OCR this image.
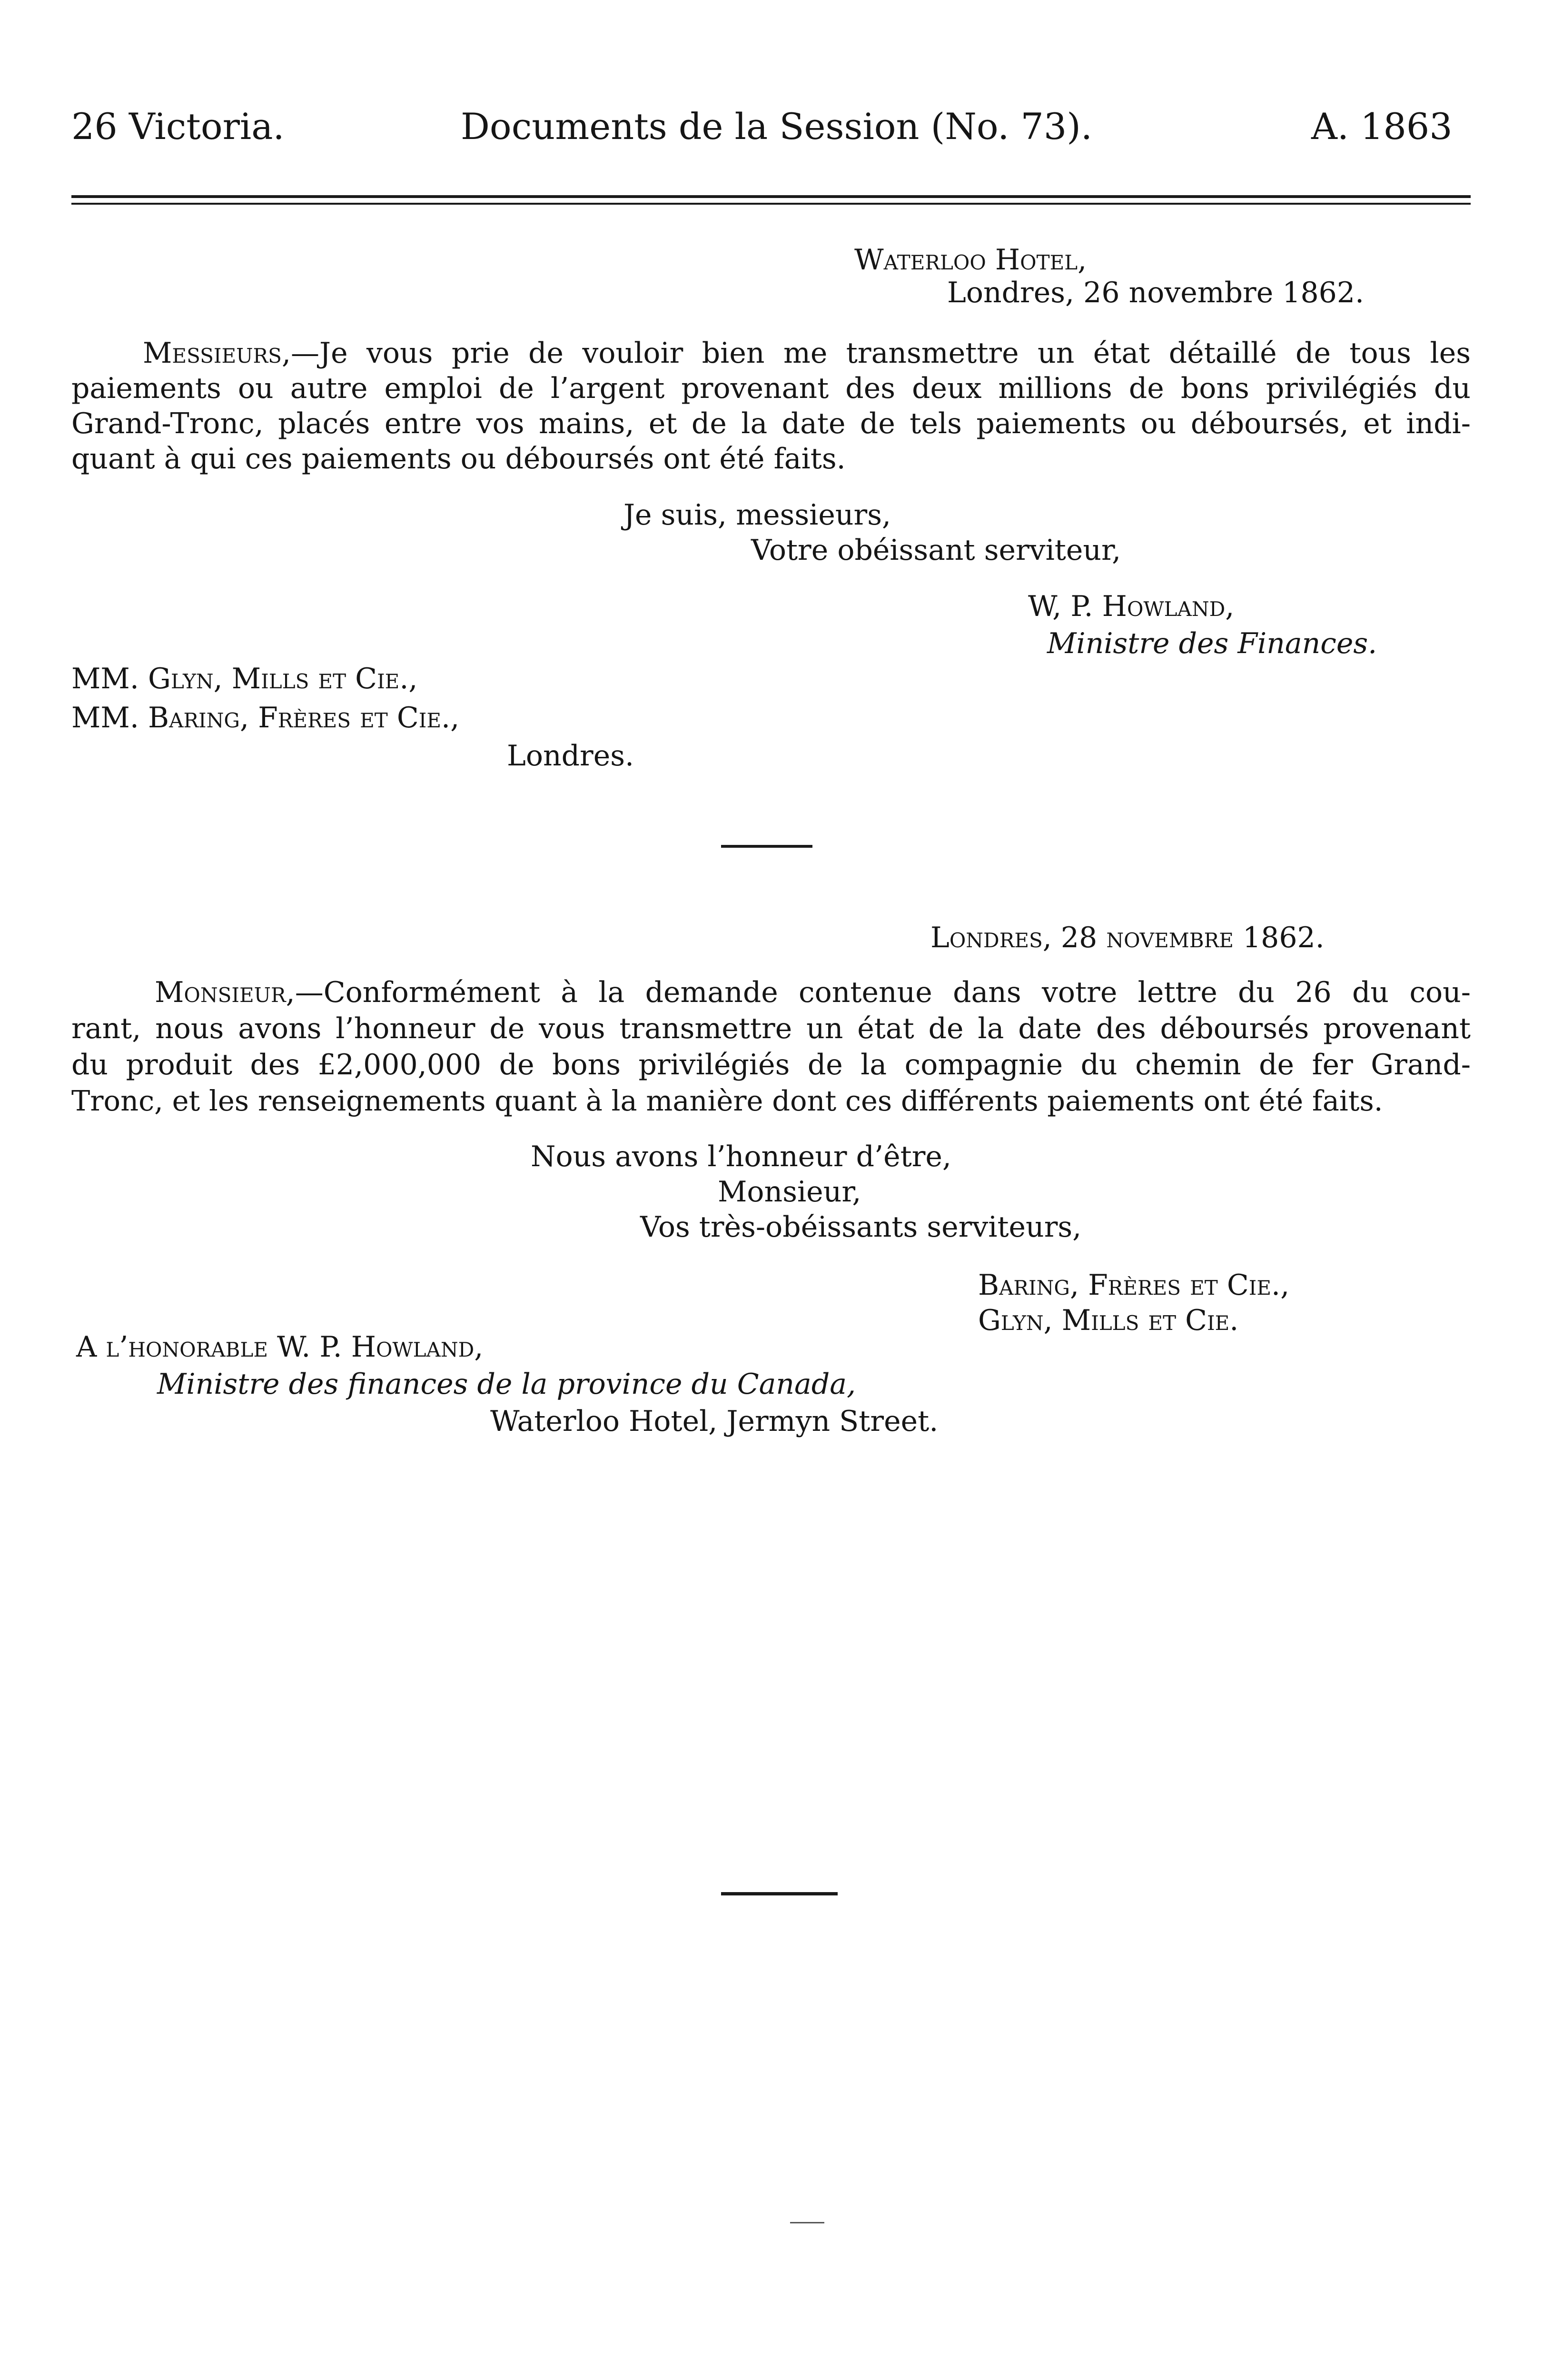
26 Victoria.	Documents de la Session (No. 73).	A. 1863
Waterloo Hotel,
Londres, 26 novembre 1862.
Messieurs,—Je vous prie de vouloir bien me transmettre un état détaillé de tous les
paiements ou autre emploi de l’argent provenant des deux millions de bons privilégiés du
Grand-Tronc, placés entre vos mains, et de la date de tels paiements ou déboursés, et indi-
quant à qui ces paiements ou déboursés ont été faits.
Je suis, messieurs,
Votre obéissant serviteur,
W, P. Howland,
Ministre des Finances.
MM. Glyn, Mills et Cie.,
MM. Baring, Frères et Cie.,
Londres.
Londres, 28 novembre 1862.
Monsieur,—Conformément à la demande contenue dans votre lettre du 26 du cou-
rant, nous avons l’honneur de vous transmettre un état de la date des déboursés provenant
du produit des £2,000,000 de bons privilégiés de la compagnie du chemin de fer Grand-
Tronc, et les renseignements quant à la manière dont ces différents paiements ont été faits.
Nous avons l’honneur d’être,
Monsieur,
Vos très-obéissants serviteurs,
Baring, Frères et Cie.,
Glyn, Mills et Cie.
A l’honorable W. P. Howland,
Ministre des finances de la province du Canada,
Waterloo Hotel, Jermyn Street.
